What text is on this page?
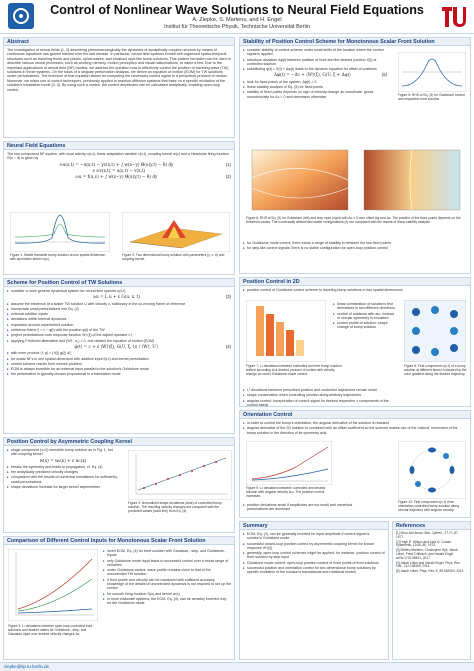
Control of Nonlinear Wave Solutions to Neural Field Equations
A. Ziepke, S. Martens, and H. Engel
Institut für Theoretische Physik, Technische Universität Berlin
Abstract

The investigation of neural fields [1, 2] describing phenomenologically the dynamics of synaptically coupled neurons by means of continuous equations has gained interest over the last decade. In particular, neural field systems exhibit self-organized spatio-temporal structures such as traveling fronts and pulses, spiral-waves, and localized spot-like bump solutions. This pattern formation can be used to describe various neural processes, such as working memory, motion perception and visual hallucinations, to name a few. Due to the important applications of neural field (NF) models, we address the question how to effectively control the position of traveling wave (TW) solutions in these systems. On the basis of a singular perturbation analysis, we derive an equation of motion (EOM) for TW solutions under perturbations. The inversion of that equation allows for computing the necessary control signal to a prescribed protocol of motion. Moreover, we make use of control techniques, previously applied to reaction-diffusion systems that base on a specific excitation of the solution's translation mode [3, 4]. By using such a control, the control amplitudes can be calculated analytically, enabling open-loop control.

Neural Field Equations

The two-component NF system, with local activity u(x,t), linear adaptation variable v(x,t), coupling kernel w(x) and a Heaviside firing function Θ(u − θ) is given by

(1)
∂ₜu(x,t) = −u(x,t) − γv(x,t) + ∫ w(x−y) Θ(u(y,t) − θ) dy
ε ∂ₜv(x,t) = u(x,t) − v(x,t)
(2)
∂ₜu = f(u,v) + ∫ w(x−y) Θ(u(y,t) − θ) dy
Figure 1: Stable immobile bump solution at one spatial dimension with symmetric kernel w(x).
Figure 2: Two dimensional bump solution with parameters (γ, ε, θ) and coupling kernel.
Scheme for Position Control of TW Solutions
▸ consider a more general dynamical system for neural field species u(x,t)
(3)
∂ₜu = L u + ε G(u, x, t)
▸ assume the existence of a stable TW solution U with velocity c, stationary in the co-moving frame of reference
▸ incorporate small perturbations into Eq. (2)
▸ external additive inputs
▸ deviations within internal dynamics
▸ expansion around unperturbed solution
▸ reference frame ξ = x − φ(t) with the position φ(t) of the TW
▸ project perturbations onto response function W†(ξ) of the adjoint operator L†
▸ applying Fredholm alternative and (W†, u₀) = 0, one obtains the equation of motion (EOM)
(4)
φ̇(t) = c + ε ⟨W†(ξ), G(U, ξ, t)⟩ / ⟨W†, U′⟩
▸ with inner product ⟨f, g⟩ = ∫ f(ξ) g(ξ) dξ
▸ for scalar NFs in one spatial dimension with additive input f(x,t) and kernel perturbation
▸ control scheme results from inverse problem
▸ EOM is always invertible for an external input parallel to the solution's Goldstone mode
▸ the perturbation is typically chosen proportional to a translation mode
Position Control by Asymmetric Coupling Kernel
▸ single component (v=0) immobile bump solution as in Fig. 1, but with coupling kernel
w(x) = w₀(x) + ε w₁(x)
▸ breaks the symmetry and leads to propagation, cf. Eq. (4)
▸ the analytically predicted velocity changes
▸ comparison with the results of numerical simulations for sufficiently-small perturbations
▸ shape deviations increase for larger kernel asymmetries
Figure 3: Normalized shape deviations (dots) of controlled bump solution. The resulting velocity changes are compared with the predicted values (solid line) from Eq. (4).
Comparison of Different Control Inputs for Monotonous Scalar Front Solution
Figure 4: L² deviations between open-loop controlled front solutions and desired states for Goldstone-, step- and Gaussian-input over desired velocity changes Δc.
▸ invert EOM, Eq. (4) for front solution with Gaussian-, step- and Goldstone-inputs
▸ only Goldstone mode input leads to successful control over a broad range of velocities
▸ under Goldstone control, wave profile remains close to that of the uncontrolled TW solution
▸ if front profile and velocity can be measured with sufficient accuracy, knowledge of the details of uncontrolled dynamics is not required to set up the control
▸ for smooth firing function S(u) and kernel w(x)
▸ in more elaborate systems, the EOM, Eq. (4), can be sensibly inverted only for the Goldstone mode
Stability of Position Control Scheme for Monotonous Scalar Front Solution
▸ consider stability of control scheme under small shifts of the location where the control signal is applied
▸ introduce deviation Δφ(t) between position of front and the desired position X(t) of controlled solution
▸ substituting φ(t) = X(t) + Δφ(t) leads to the dynamic equation for offset of positions
(5)
Δφ̇(t) = −Δc + ⟨W†(ξ), G(U, ξ + Δφ)⟩
▸ look for fixed points of the system, Δφ̇(t) = 0
▸ linear stability analysis of Eq. (5) for fixed points
▸ stability of fixed points depends on sign of velocity change as coordinate: grows monotonically for Δc < 0 and decreases otherwise	Figure 5: RHS of Eq. (5) for Goldstone control and respective front solution.
Figure 6: RHS of Eq. (5) for Goldstone (left) and step input (right) with Δc ≠ 0 over offset Δφ and Δc. The position of the fixed points depends on the threshold values. The numerically determined stable configurations (x) are compared with the results of linear stability analysis.
▸ for Goldstone mode control, there exists a range of stability in between the two fixed points
▸ for step-like control signals, there is no stable configuration for open-loop position control
Position Control in 2D
▸ position control of Goldstone control scheme to traveling bump solutions in two spatial dimensions
Figure 7: L² deviations between controlled and free bump solution shifted according to a desired protocol of motion with velocity change Δc under Goldstone-mode control.
▸ linear combination of solution's first derivatives in two different directions
▸ control of solutions with arc, instead of circular symmetry is emulated
▸ control profile of solution: shape change of bump solution
Figure 8: First component u(x,t) of a bump solution at different times t indicated by the color gradient along the desired trajectory.
▸ L² deviations between prescribed position and controlled trajectories remain small
▸ shape conservation when controlling solution along arbitrary trajectories
▸ angular control: incorporation of control signal for desired respective ± components of the control signal
Orientation Control
▸ in order to control the bump's orientation, the angular derivative of the solution is rescaled
▸ angular derivative of the 2D solution is combined with an offset coefficient so the scheme makes use of the 'natural' movement of the bump solution in the direction of its symmetry axis
Figure 9: L² deviations between controlled and desired solution with angular velocity Δω. The position control increases.
▸ position deviations small if amplitudes are too small and numerical perturbations are dominant
Figure 10: First component u(x,t) of an orientation controlled bump solution along circular trajectory with angular velocity.
Summary
▸ EOM, Eq. (4), can be generally inverted for input amplitude if control signal is solution's Goldstone mode
▸ successful closed-loop position control by asymmetric coupling kernel for known response W†(ξ)
▸ generally, open-loop control schemes might be applied, for instance, position control of front solution by step input
▸ Goldstone mode control: open-loop position control of fixed points of front solutions
▸ successful position and orientation control for two-dimensional bump solutions by specific excitation of the solution's translational and rotational modes
References
[1] Shun-ichi Amari. Biol. Cybern., 27:77–87, 1977.
[2] Hugh R. Wilson and Jack D. Cowan. Kybernetik, 13:55–80, 1973.
[3] Steffen Martens, Christopher Ryll, Jakob Löber, Fredi Tröltzsch, and Harald Engel. arXiv:1702.08451, 2017.
[4] Jakob Löber and Harald Engel. Phys. Rev. Lett., 112:148305, 2014.
[5] Jakob Löber. Phys. Rev. E, 89:062904, 2014.
ziepke@itp.tu-berlin.de
